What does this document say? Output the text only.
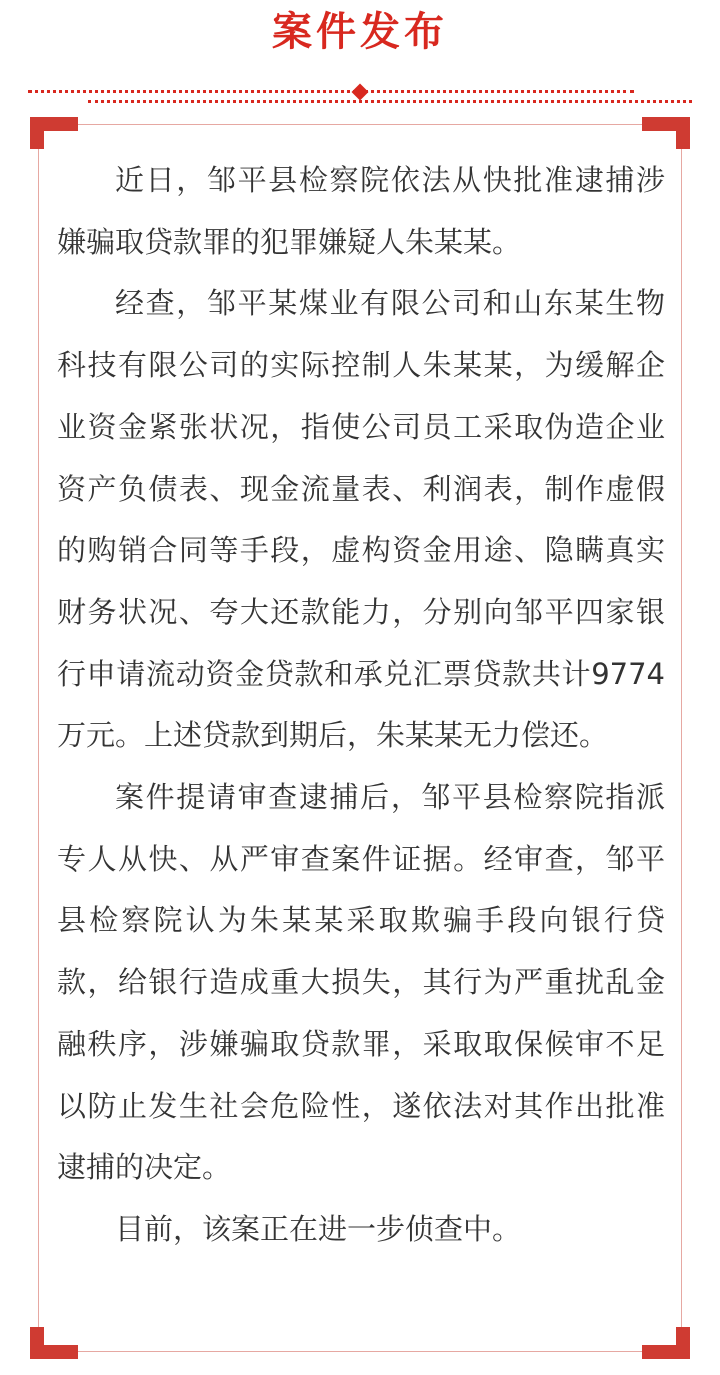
案件发布

近日，邹平县检察院依法从快批准逮捕涉嫌骗取贷款罪的犯罪嫌疑人朱某某。

经查，邹平某煤业有限公司和山东某生物科技有限公司的实际控制人朱某某，为缓解企业资金紧张状况，指使公司员工采取伪造企业资产负债表、现金流量表、利润表，制作虚假的购销合同等手段，虚构资金用途、隐瞒真实财务状况、夸大还款能力，分别向邹平四家银行申请流动资金贷款和承兑汇票贷款共计9774万元。上述贷款到期后，朱某某无力偿还。

案件提请审查逮捕后，邹平县检察院指派专人从快、从严审查案件证据。经审查，邹平县检察院认为朱某某采取欺骗手段向银行贷款，给银行造成重大损失，其行为严重扰乱金融秩序，涉嫌骗取贷款罪，采取取保候审不足以防止发生社会危险性，遂依法对其作出批准逮捕的决定。

目前，该案正在进一步侦查中。
